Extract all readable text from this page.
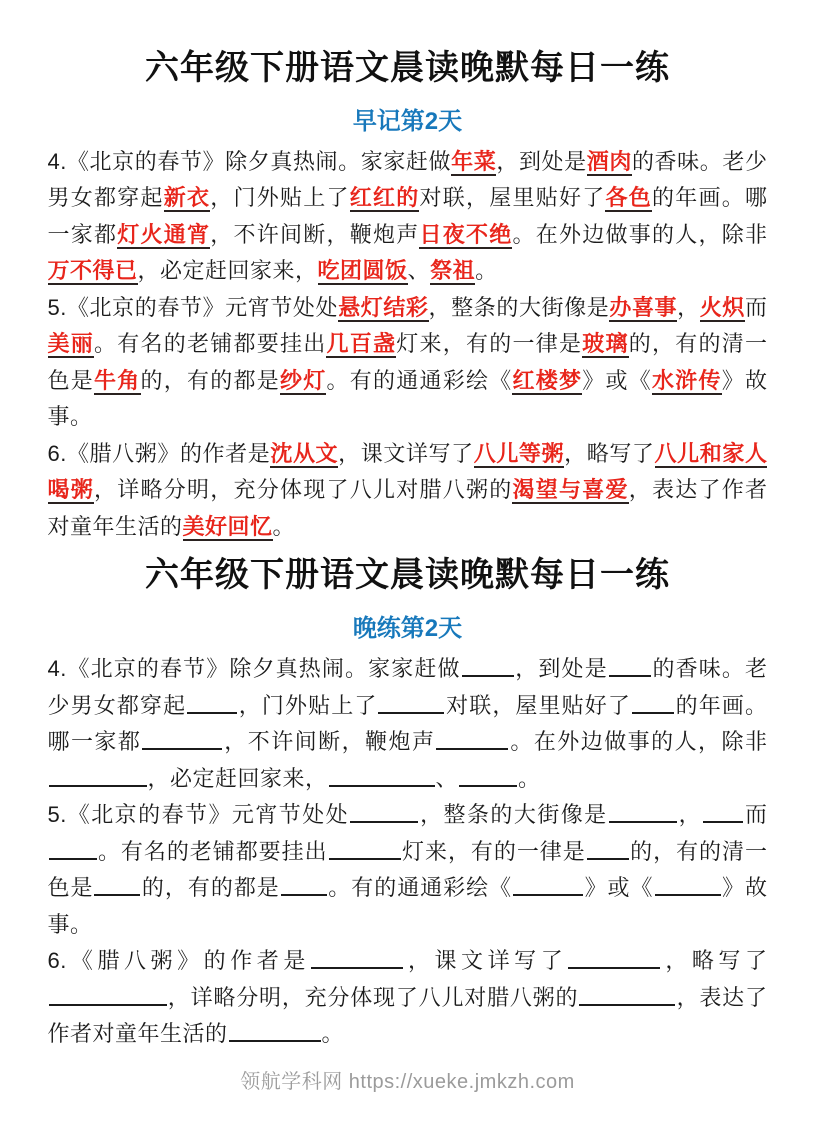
六年级下册语文晨读晚默每日一练
早记第2天

4.《北京的春节》除夕真热闹。家家赶做年菜，到处是酒肉的香味。老少男女都穿起新衣，门外贴上了红红的对联，屋里贴好了各色的年画。哪一家都灯火通宵，不许间断，鞭炮声日夜不绝。在外边做事的人，除非万不得已，必定赶回家来，吃团圆饭、祭祖。

5.《北京的春节》元宵节处处悬灯结彩，整条的大街像是办喜事，火炽而美丽。有名的老铺都要挂出几百盏灯来，有的一律是玻璃的，有的清一色是牛角的，有的都是纱灯。有的通通彩绘《红楼梦》或《水浒传》故事。

6.《腊八粥》的作者是沈从文，课文详写了八儿等粥，略写了八儿和家人喝粥，详略分明，充分体现了八儿对腊八粥的渴望与喜爱，表达了作者对童年生活的美好回忆。

六年级下册语文晨读晚默每日一练
晚练第2天

4.《北京的春节》除夕真热闹。家家赶做 ，到处是 的香味。老少男女都穿起 ，门外贴上了	对联，屋里贴好了 的年画。哪一家都	，不许间断，鞭炮声	。在外边做事的人，除非，必定赶回家来，	、	。

5.《北京的春节》元宵节处处	，整条的大街像是	， 而。有名的老铺都要挂出	灯来，有的一律是 的，有的清一色是 的，有的都是 。有的通通彩绘《	》或《	》故事。

6.《腊八粥》的作者是	，课文详写了	，略写了，详略分明，充分体现了八儿对腊八粥的	，表达了作者对童年生活的	。

领航学科网 https://xueke.jmkzh.com
